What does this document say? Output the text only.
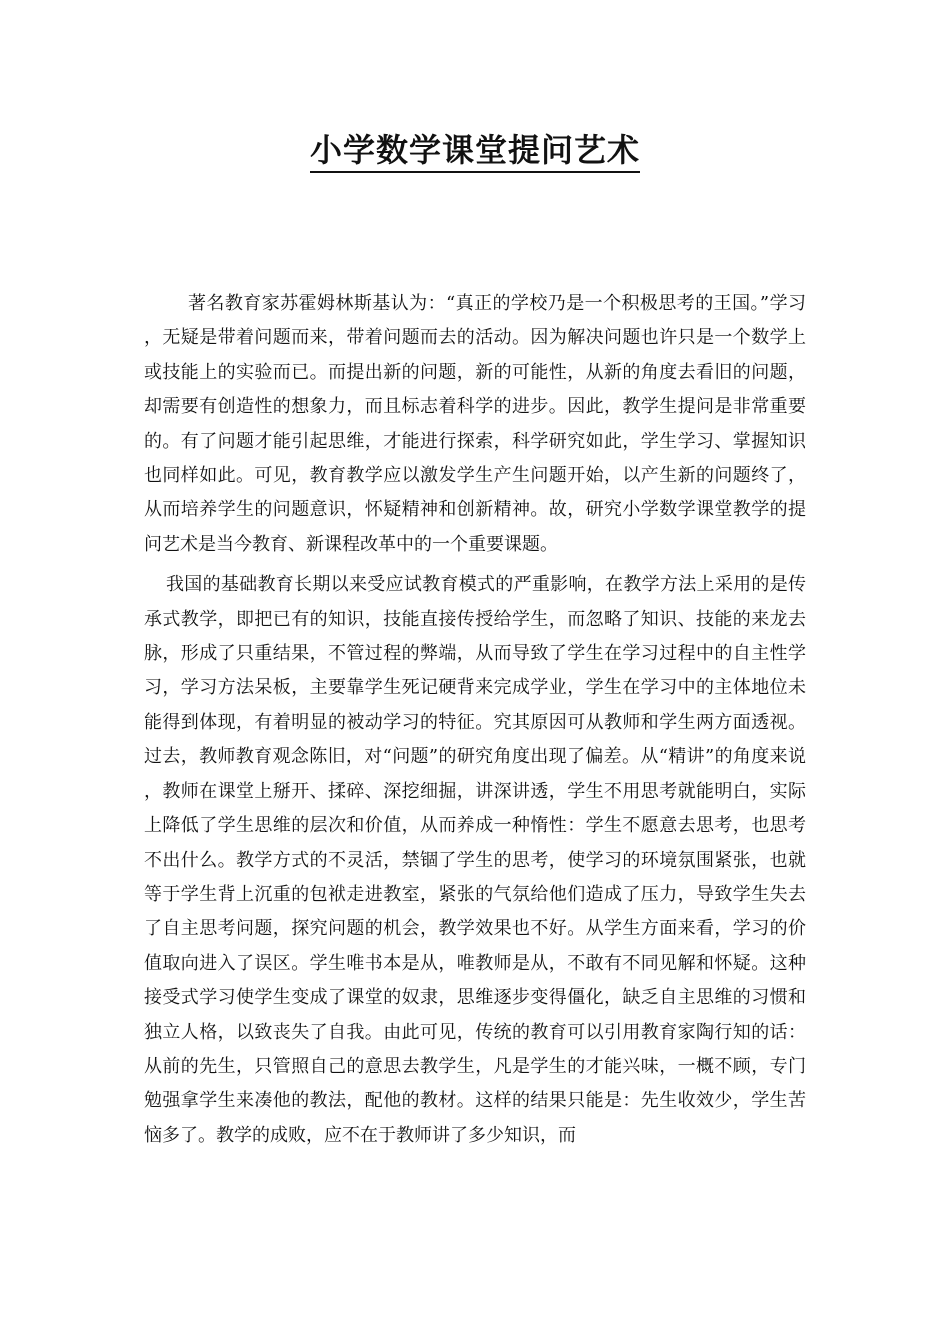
小学数学课堂提问艺术

著名教育家苏霍姆林斯基认为：“真正的学校乃是一个积极思考的王国。”学习，无疑是带着问题而来，带着问题而去的活动。因为解决问题也许只是一个数学上或技能上的实验而已。而提出新的问题，新的可能性，从新的角度去看旧的问题，却需要有创造性的想象力，而且标志着科学的进步。因此，教学生提问是非常重要的。有了问题才能引起思维，才能进行探索，科学研究如此，学生学习、掌握知识也同样如此。可见，教育教学应以激发学生产生问题开始，以产生新的问题终了，从而培养学生的问题意识，怀疑精神和创新精神。故，研究小学数学课堂教学的提问艺术是当今教育、新课程改革中的一个重要课题。

我国的基础教育长期以来受应试教育模式的严重影响，在教学方法上采用的是传承式教学，即把已有的知识，技能直接传授给学生，而忽略了知识、技能的来龙去脉，形成了只重结果，不管过程的弊端，从而导致了学生在学习过程中的自主性学习，学习方法呆板，主要靠学生死记硬背来完成学业，学生在学习中的主体地位未能得到体现，有着明显的被动学习的特征。究其原因可从教师和学生两方面透视。过去，教师教育观念陈旧，对“问题”的研究角度出现了偏差。从“精讲”的角度来说，教师在课堂上掰开、揉碎、深挖细掘，讲深讲透，学生不用思考就能明白，实际上降低了学生思维的层次和价值，从而养成一种惰性：学生不愿意去思考，也思考不出什么。教学方式的不灵活，禁锢了学生的思考，使学习的环境氛围紧张，也就等于学生背上沉重的包袱走进教室，紧张的气氛给他们造成了压力，导致学生失去了自主思考问题，探究问题的机会，教学效果也不好。从学生方面来看，学习的价值取向进入了误区。学生唯书本是从，唯教师是从，不敢有不同见解和怀疑。这种接受式学习使学生变成了课堂的奴隶，思维逐步变得僵化，缺乏自主思维的习惯和独立人格，以致丧失了自我。由此可见，传统的教育可以引用教育家陶行知的话：从前的先生，只管照自己的意思去教学生，凡是学生的才能兴味，一概不顾，专门勉强拿学生来凑他的教法，配他的教材。这样的结果只能是：先生收效少，学生苦恼多了。教学的成败，应不在于教师讲了多少知识，而
